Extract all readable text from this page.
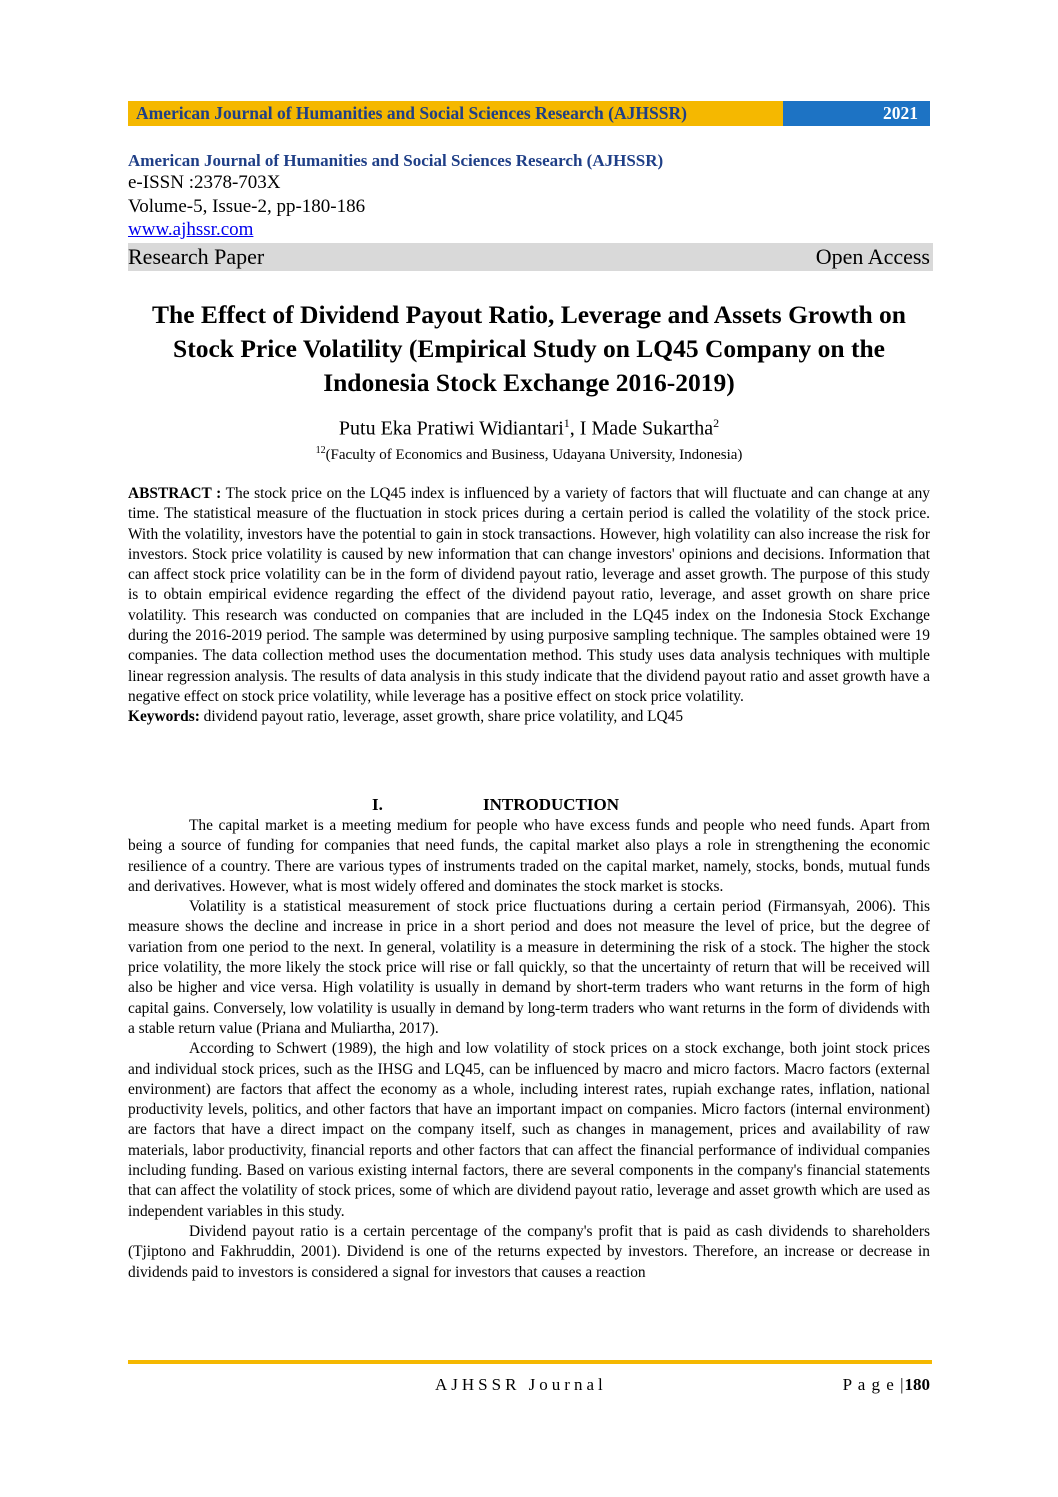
American Journal of Humanities and Social Sciences Research (AJHSSR)	2021
American Journal of Humanities and Social Sciences Research (AJHSSR)
e-ISSN :2378-703X
Volume-5, Issue-2, pp-180-186
www.ajhssr.com
Research Paper	Open Access
The Effect of Dividend Payout Ratio, Leverage and Assets Growth on Stock Price Volatility (Empirical Study on LQ45 Company on the Indonesia Stock Exchange 2016-2019)
Putu Eka Pratiwi Widiantari$^1$, I Made Sukartha$^2$
$^{12}$(Faculty of Economics and Business, Udayana University, Indonesia)

ABSTRACT : The stock price on the LQ45 index is influenced by a variety of factors that will fluctuate and can change at any time. The statistical measure of the fluctuation in stock prices during a certain period is called the volatility of the stock price. With the volatility, investors have the potential to gain in stock transactions. However, high volatility can also increase the risk for investors. Stock price volatility is caused by new information that can change investors' opinions and decisions. Information that can affect stock price volatility can be in the form of dividend payout ratio, leverage and asset growth. The purpose of this study is to obtain empirical evidence regarding the effect of the dividend payout ratio, leverage, and asset growth on share price volatility. This research was conducted on companies that are included in the LQ45 index on the Indonesia Stock Exchange during the 2016-2019 period. The sample was determined by using purposive sampling technique. The samples obtained were 19 companies. The data collection method uses the documentation method. This study uses data analysis techniques with multiple linear regression analysis. The results of data analysis in this study indicate that the dividend payout ratio and asset growth have a negative effect on stock price volatility, while leverage has a positive effect on stock price volatility.

Keywords: dividend payout ratio, leverage, asset growth, share price volatility, and LQ45

I.	INTRODUCTION

The capital market is a meeting medium for people who have excess funds and people who need funds. Apart from being a source of funding for companies that need funds, the capital market also plays a role in strengthening the economic resilience of a country. There are various types of instruments traded on the capital market, namely, stocks, bonds, mutual funds and derivatives. However, what is most widely offered and dominates the stock market is stocks.

Volatility is a statistical measurement of stock price fluctuations during a certain period (Firmansyah, 2006). This measure shows the decline and increase in price in a short period and does not measure the level of price, but the degree of variation from one period to the next. In general, volatility is a measure in determining the risk of a stock. The higher the stock price volatility, the more likely the stock price will rise or fall quickly, so that the uncertainty of return that will be received will also be higher and vice versa. High volatility is usually in demand by short-term traders who want returns in the form of high capital gains. Conversely, low volatility is usually in demand by long-term traders who want returns in the form of dividends with a stable return value (Priana and Muliartha, 2017).

According to Schwert (1989), the high and low volatility of stock prices on a stock exchange, both joint stock prices and individual stock prices, such as the IHSG and LQ45, can be influenced by macro and micro factors. Macro factors (external environment) are factors that affect the economy as a whole, including interest rates, rupiah exchange rates, inflation, national productivity levels, politics, and other factors that have an important impact on companies. Micro factors (internal environment) are factors that have a direct impact on the company itself, such as changes in management, prices and availability of raw materials, labor productivity, financial reports and other factors that can affect the financial performance of individual companies including funding. Based on various existing internal factors, there are several components in the company's financial statements that can affect the volatility of stock prices, some of which are dividend payout ratio, leverage and asset growth which are used as independent variables in this study.

Dividend payout ratio is a certain percentage of the company's profit that is paid as cash dividends to shareholders (Tjiptono and Fakhruddin, 2001). Dividend is one of the returns expected by investors. Therefore, an increase or decrease in dividends paid to investors is considered a signal for investors that causes a reaction

AJHSSR Journal	P a g e |180
